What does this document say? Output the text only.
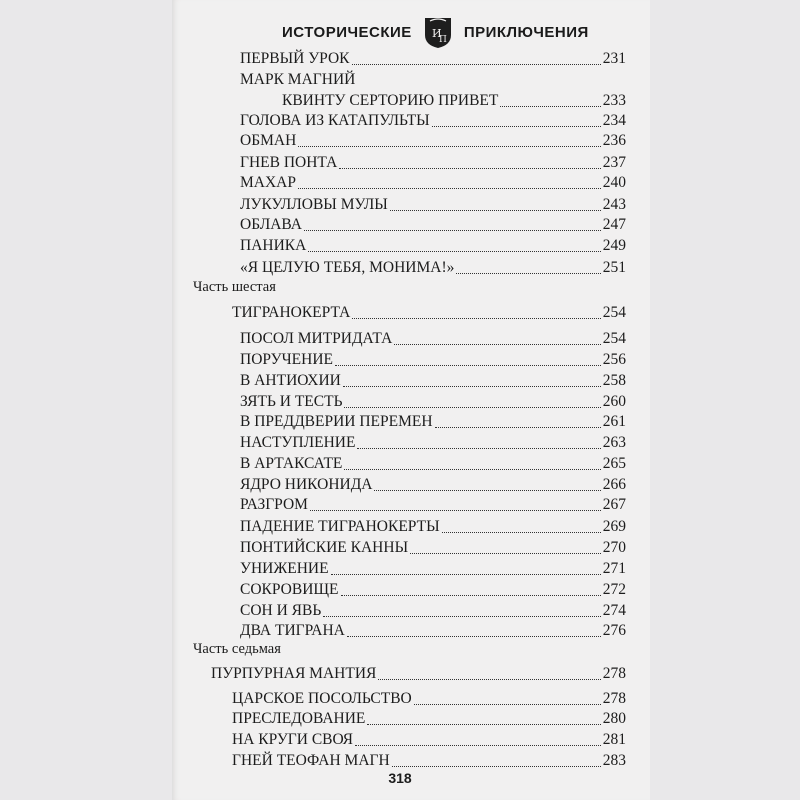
ИСТОРИЧЕСКИЕ И
П ПРИКЛЮЧЕНИЯ
ПЕРВЫЙ УРОК	231
МАРК МАГНИЙ
КВИНТУ СЕРТОРИЮ ПРИВЕТ	233
ГОЛОВА ИЗ КАТАПУЛЬТЫ	234
ОБМАН	236
ГНЕВ ПОНТА	237
МАХАР	240
ЛУКУЛЛОВЫ МУЛЫ	243
ОБЛАВА	247
ПАНИКА	249
«Я ЦЕЛУЮ ТЕБЯ, МОНИМА!»	251
Часть шестая
ТИГРАНОКЕРТА	254
ПОСОЛ МИТРИДАТА	254
ПОРУЧЕНИЕ	256
В АНТИОХИИ	258
ЗЯТЬ И ТЕСТЬ	260
В ПРЕДДВЕРИИ ПЕРЕМЕН	261
НАСТУПЛЕНИЕ	263
В АРТАКСАТЕ	265
ЯДРО НИКОНИДА	266
РАЗГРОМ	267
ПАДЕНИЕ ТИГРАНОКЕРТЫ	269
ПОНТИЙСКИЕ КАННЫ	270
УНИЖЕНИЕ	271
СОКРОВИЩЕ	272
СОН И ЯВЬ	274
ДВА ТИГРАНА	276
Часть седьмая
ПУРПУРНАЯ МАНТИЯ	278
ЦАРСКОЕ ПОСОЛЬСТВО	278
ПРЕСЛЕДОВАНИЕ	280
НА КРУГИ СВОЯ	281
ГНЕЙ ТЕОФАН МАГН	283
318
